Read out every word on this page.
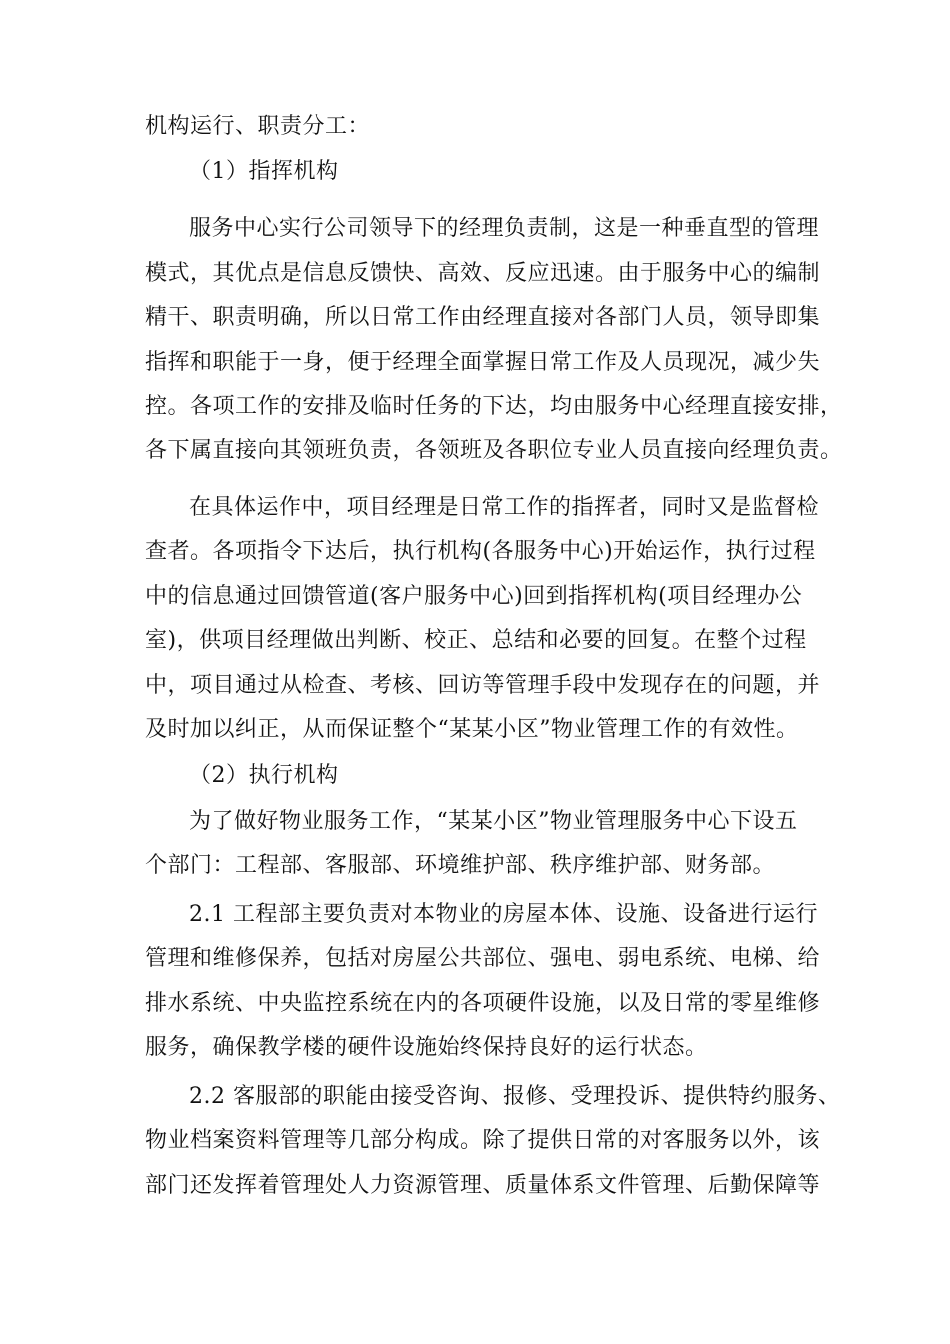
机构运行、职责分工：
（1）指挥机构
服务中心实行公司领导下的经理负责制，这是一种垂直型的管理
模式，其优点是信息反馈快、高效、反应迅速。由于服务中心的编制
精干、职责明确，所以日常工作由经理直接对各部门人员，领导即集
指挥和职能于一身，便于经理全面掌握日常工作及人员现况，减少失
控。各项工作的安排及临时任务的下达，均由服务中心经理直接安排，
各下属直接向其领班负责，各领班及各职位专业人员直接向经理负责。
在具体运作中，项目经理是日常工作的指挥者，同时又是监督检
查者。各项指令下达后，执行机构(各服务中心)开始运作，执行过程
中的信息通过回馈管道(客户服务中心)回到指挥机构(项目经理办公
室)，供项目经理做出判断、校正、总结和必要的回复。在整个过程
中，项目通过从检查、考核、回访等管理手段中发现存在的问题，并
及时加以纠正，从而保证整个“某某小区”物业管理工作的有效性。
（2）执行机构
为了做好物业服务工作，“某某小区”物业管理服务中心下设五
个部门：工程部、客服部、环境维护部、秩序维护部、财务部。
2.1 工程部主要负责对本物业的房屋本体、设施、设备进行运行
管理和维修保养，包括对房屋公共部位、强电、弱电系统、电梯、给
排水系统、中央监控系统在内的各项硬件设施，以及日常的零星维修
服务，确保教学楼的硬件设施始终保持良好的运行状态。
2.2 客服部的职能由接受咨询、报修、受理投诉、提供特约服务、
物业档案资料管理等几部分构成。除了提供日常的对客服务以外，该
部门还发挥着管理处人力资源管理、质量体系文件管理、后勤保障等
